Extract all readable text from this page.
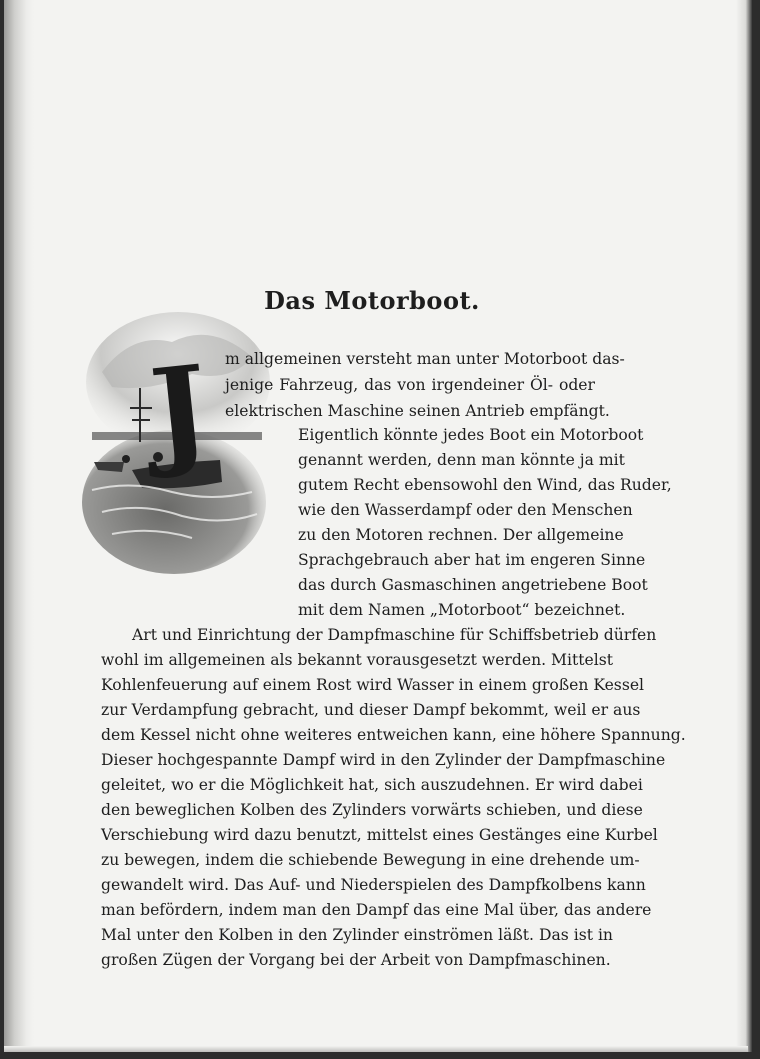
Das Motorboot.
J m allgemeinen versteht man unter Motorboot das-
jenige Fahrzeug, das von irgendeiner Öl- oder
elektrischen Maschine seinen Antrieb empfängt.
Eigentlich könnte jedes Boot ein Motorboot
genannt werden, denn man könnte ja mit
gutem Recht ebensowohl den Wind, das Ruder,
wie den Wasserdampf oder den Menschen
zu den Motoren rechnen. Der allgemeine
Sprachgebrauch aber hat im engeren Sinne
das durch Gasmaschinen angetriebene Boot
mit dem Namen „Motorboot“ bezeichnet.
Art und Einrichtung der Dampfmaschine für Schiffsbetrieb dürfen
wohl im allgemeinen als bekannt vorausgesetzt werden. Mittelst
Kohlenfeuerung auf einem Rost wird Wasser in einem großen Kessel
zur Verdampfung gebracht, und dieser Dampf bekommt, weil er aus
dem Kessel nicht ohne weiteres entweichen kann, eine höhere Spannung.
Dieser hochgespannte Dampf wird in den Zylinder der Dampfmaschine
geleitet, wo er die Möglichkeit hat, sich auszudehnen. Er wird dabei
den beweglichen Kolben des Zylinders vorwärts schieben, und diese
Verschiebung wird dazu benutzt, mittelst eines Gestänges eine Kurbel
zu bewegen, indem die schiebende Bewegung in eine drehende um-
gewandelt wird. Das Auf- und Niederspielen des Dampfkolbens kann
man befördern, indem man den Dampf das eine Mal über, das andere
Mal unter den Kolben in den Zylinder einströmen läßt. Das ist in
großen Zügen der Vorgang bei der Arbeit von Dampfmaschinen.
